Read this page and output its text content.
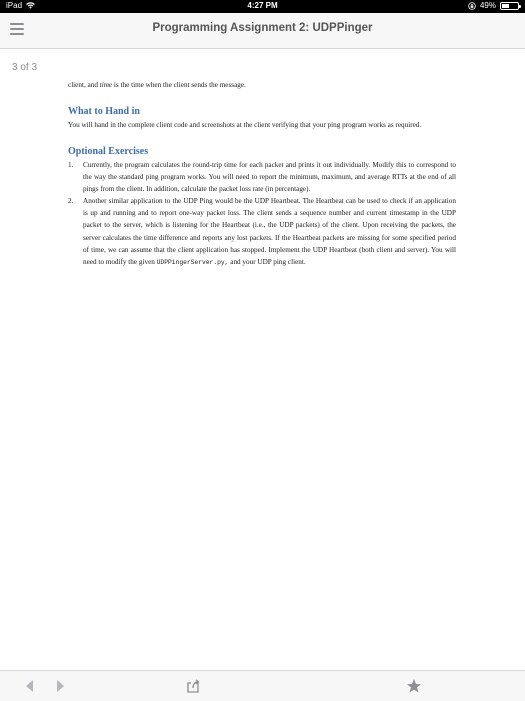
iPad	4:27 PM	49%
Programming Assignment 2: UDPPinger
3 of 3

client, and time is the time when the client sends the message.

What to Hand in

You will hand in the complete client code and screenshots at the client verifying that your ping program works as required.

Optional Exercises
1. Currently, the program calculates the round-trip time for each packet and prints it out individually. Modify this to correspond to the way the standard ping program works. You will need to report the minimum, maximum, and average RTTs at the end of all pings from the client. In addition, calculate the packet loss rate (in percentage).
2. Another similar application to the UDP Ping would be the UDP Heartbeat. The Heartbeat can be used to check if an application is up and running and to report one-way packet loss. The client sends a sequence number and current timestamp in the UDP packet to the server, which is listening for the Heartbeat (i.e., the UDP packets) of the client. Upon receiving the packets, the server calculates the time difference and reports any lost packets. If the Heartbeat packets are missing for some specified period of time, we can assume that the client application has stopped. Implement the UDP Heartbeat (both client and server). You will need to modify the given UDPPingerServer.py, and your UDP ping client.
